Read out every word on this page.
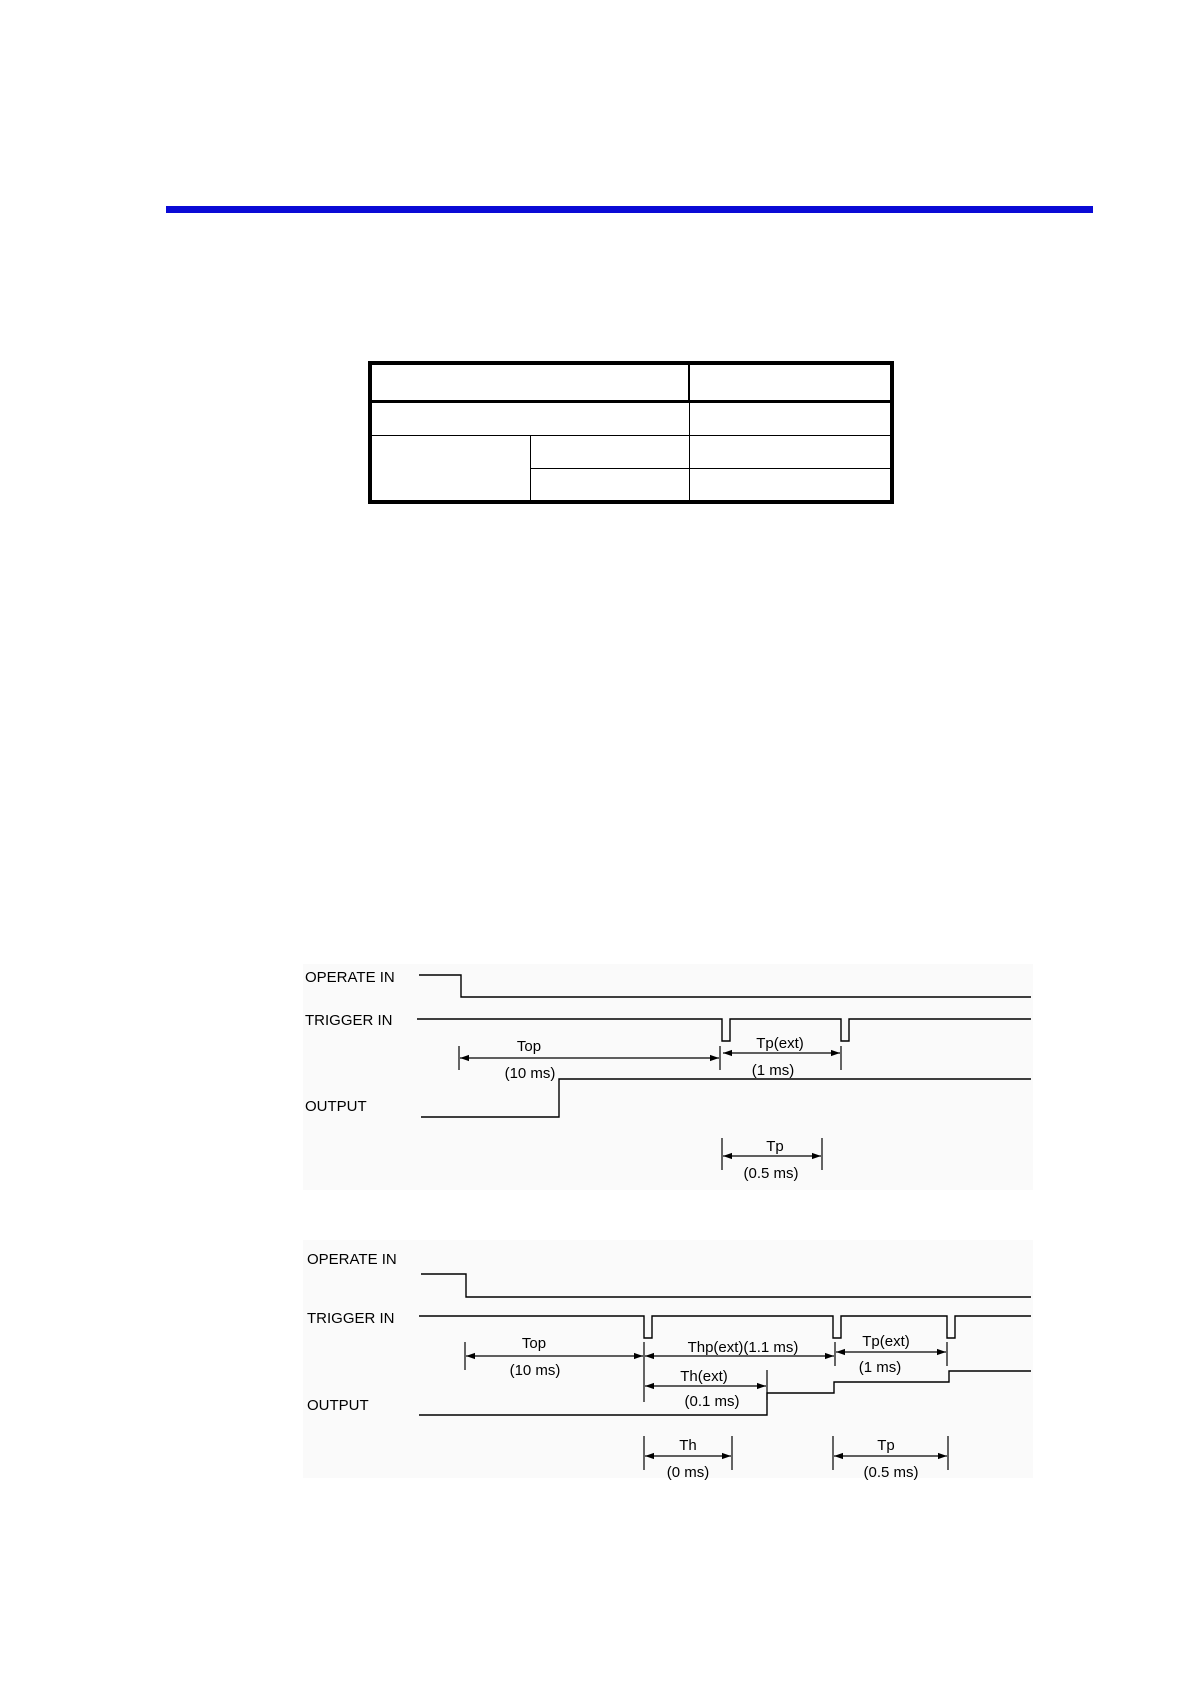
OPERATE IN
TRIGGER IN
OUTPUT
Top
(10 ms)
Tp(ext)
(1 ms)
Tp
(0.5 ms)
OPERATE IN
TRIGGER IN
OUTPUT
Top
(10 ms)
Thp(ext)(1.1 ms)
Th(ext)
(0.1 ms)
Tp(ext)
(1 ms)
Th
(0 ms)
Tp
(0.5 ms)
